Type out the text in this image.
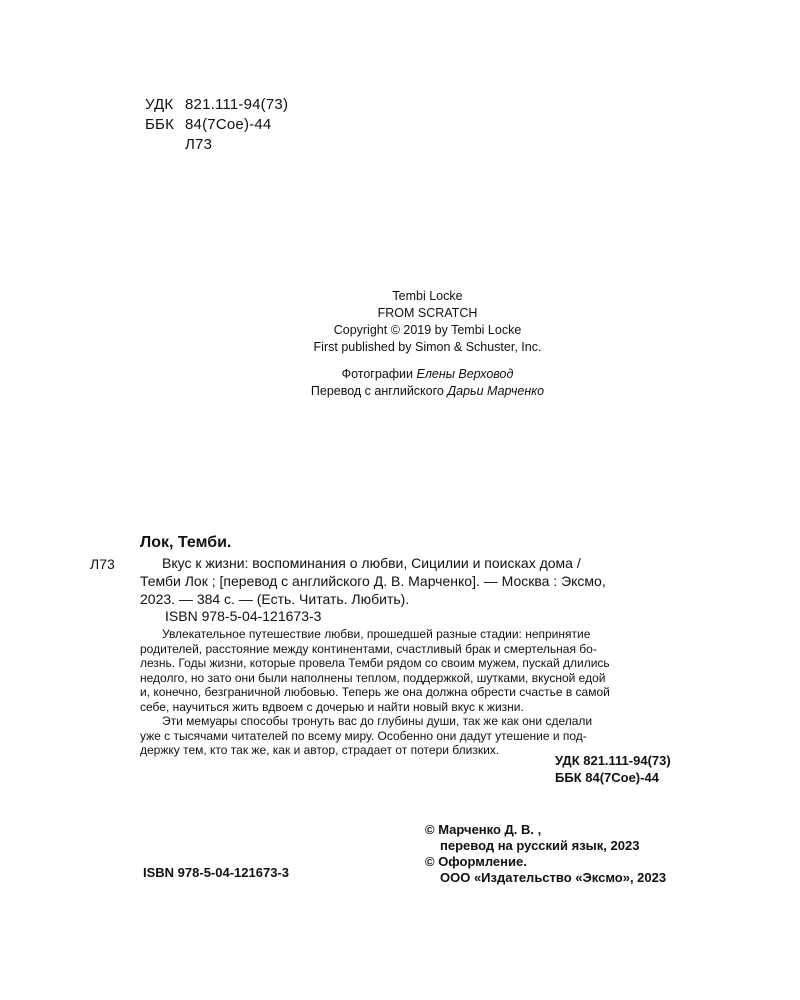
УДК 821.111-94(73)
ББК 84(7Сое)-44
Л73
Tembi Locke
FROM SCRATCH
Copyright © 2019 by Tembi Locke
First published by Simon & Schuster, Inc.
Фотографии Елены Верховод
Перевод с английского Дарьи Марченко
Лок, Темби.
Л73	Вкус к жизни: воспоминания о любви, Сицилии и поисках дома /
Темби Лок ; [перевод с английского Д. В. Марченко]. — Москва : Эксмо,
2023. — 384 с. — (Есть. Читать. Любить).
ISBN 978-5-04-121673-3

Увлекательное путешествие любви, прошедшей разные стадии: непринятие
родителей, расстояние между континентами, счастливый брак и смертельная бо-
лезнь. Годы жизни, которые провела Темби рядом со своим мужем, пускай длились
недолго, но зато они были наполнены теплом, поддержкой, шутками, вкусной едой
и, конечно, безграничной любовью. Теперь же она должна обрести счастье в самой
себе, научиться жить вдвоем с дочерью и найти новый вкус к жизни.

Эти мемуары способы тронуть вас до глубины души, так же как они сделали
уже с тысячами читателей по всему миру. Особенно они дадут утешение и под-
держку тем, кто так же, как и автор, страдает от потери близких.

УДК 821.111-94(73)
ББК 84(7Сое)-44
© Марченко Д. В. ,
перевод на русский язык, 2023
© Оформление.
ООО «Издательство «Эксмо», 2023
ISBN 978-5-04-121673-3
